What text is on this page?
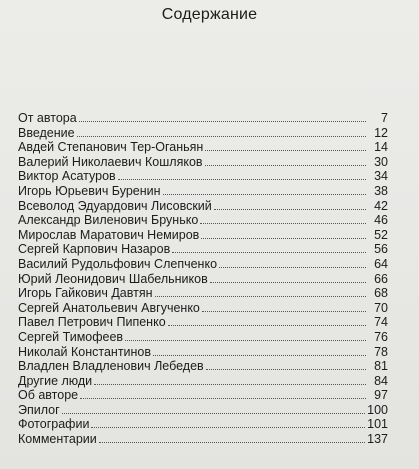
Содержание
От автора	7
Введение	12
Авдей Степанович Тер-Оганьян	14
Валерий Николаевич Кошляков	30
Виктор Асатуров	34
Игорь Юрьевич Буренин	38
Всеволод Эдуардович Лисовский	42
Александр Виленович Брунько	46
Мирослав Маратович Немиров	52
Сергей Карпович Назаров	56
Василий Рудольфович Слепченко	64
Юрий Леонидович Шабельников	66
Игорь Гайкович Давтян	68
Сергей Анатольевич Авгученко	70
Павел Петрович Пипенко	74
Сергей Тимофеев	76
Николай Константинов	78
Владлен Владленович Лебедев	81
Другие люди	84
Об авторе	97
Эпилог	100
Фотографии	101
Комментарии	137
